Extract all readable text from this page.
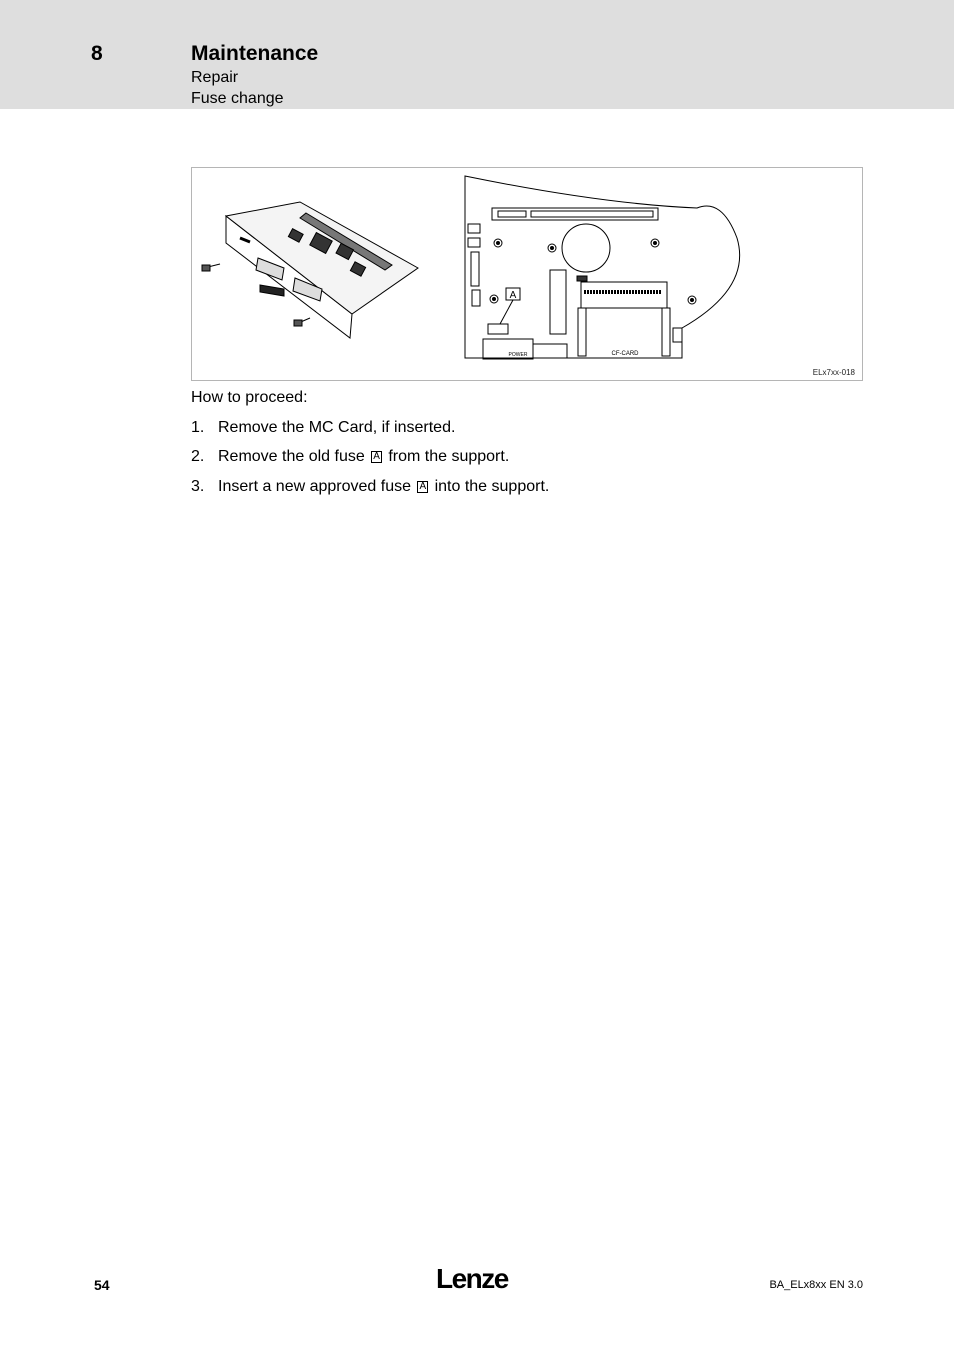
8	Maintenance
Repair
Fuse change
A
POWER	CF-CARD
ELx7xx-018
How to proceed:
1. Remove the MC Card, if inserted.
2. Remove the old fuse A from the support.
3. Insert a new approved fuse A into the support.
54	Lenze	BA_ELx8xx EN 3.0
